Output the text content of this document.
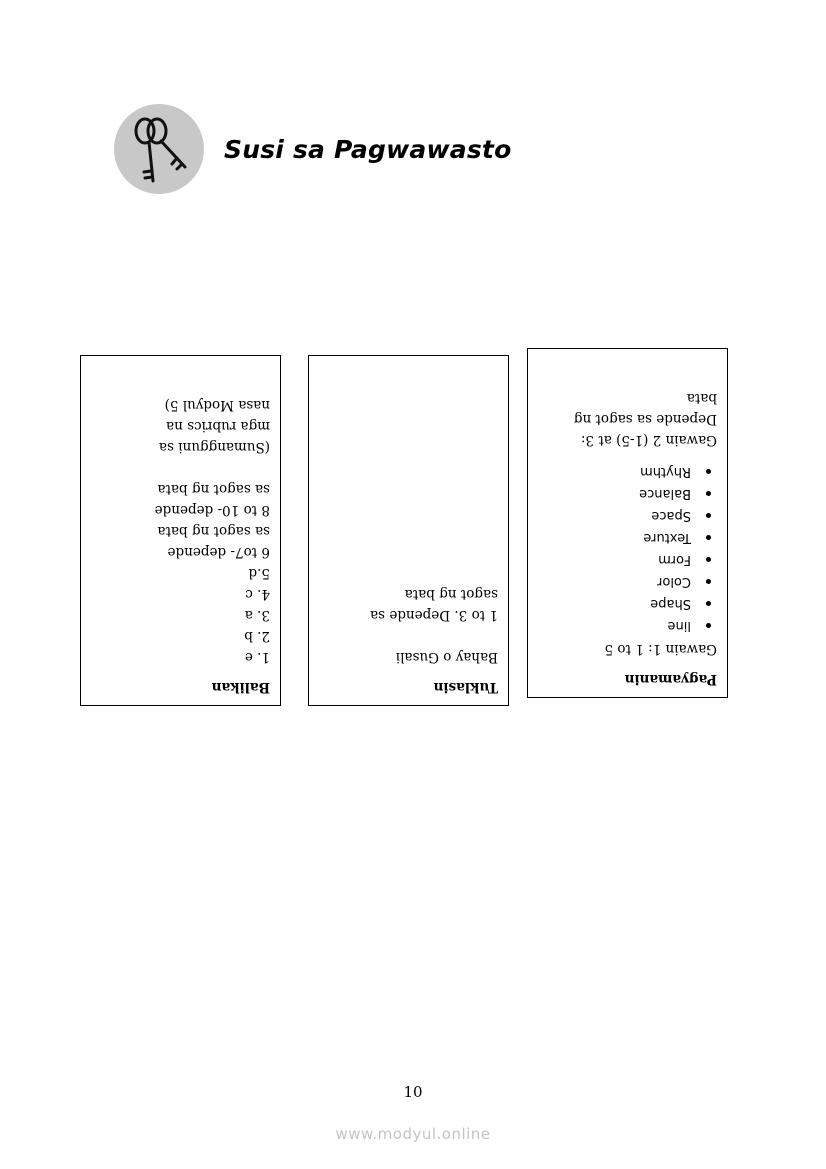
Susi sa Pagwawasto
Pagyamanin
Gawain 1: 1 to 5
line
Shape
Color
Form
Texture
Space
Balance
Rhythm
Gawain 2 (1-5) at 3:
Depende sa sagot ng
bata
Tuklasin
Bahay o Gusali

1 to 3. Depende sa
sagot ng bata
Balikan
1. e
2. b
3. a
4. c
5.d
6 to7- depende
sa sagot ng bata
8 to 10- depende
sa sagot ng bata

(Sumangguni sa
mga rubrics na
nasa Modyul 5)
10
www.modyul.online
